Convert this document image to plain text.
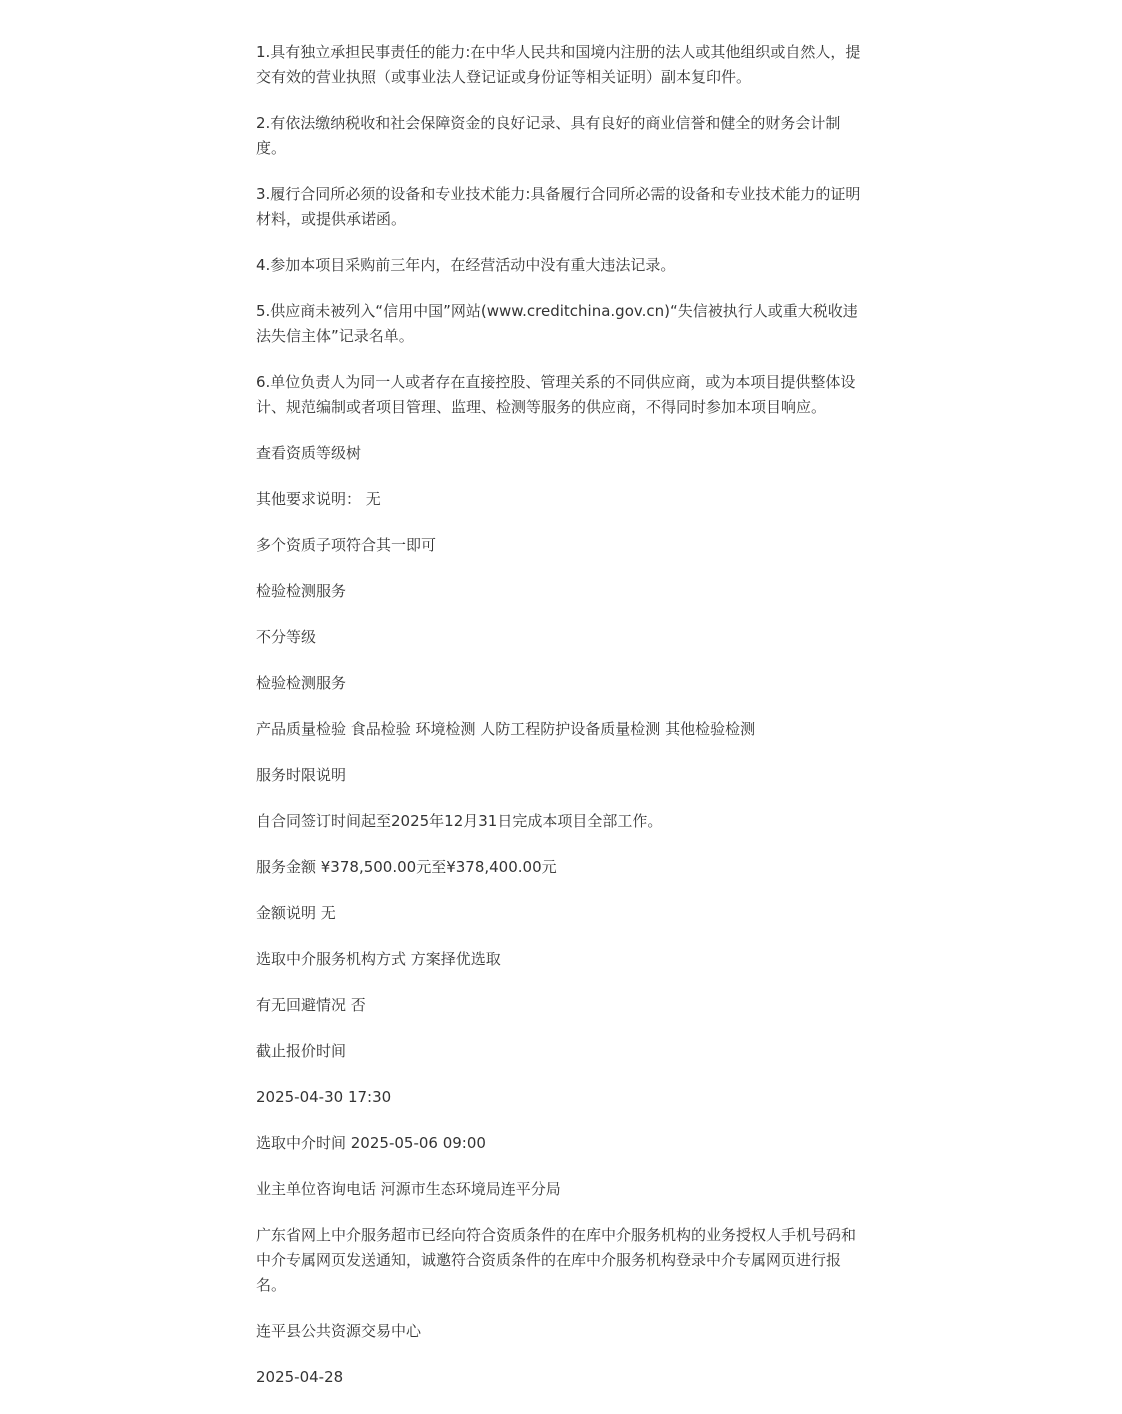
1.具有独立承担民事责任的能力:在中华人民共和国境内注册的法人或其他组织或自然人，提交有效的营业执照（或事业法人登记证或身份证等相关证明）副本复印件。

2.有依法缴纳税收和社会保障资金的良好记录、具有良好的商业信誉和健全的财务会计制度。

3.履行合同所必须的设备和专业技术能力:具备履行合同所必需的设备和专业技术能力的证明材料，或提供承诺函。

4.参加本项目采购前三年内，在经营活动中没有重大违法记录。

5.供应商未被列入“信用中国”网站(www.creditchina.gov.cn)“失信被执行人或重大税收违法失信主体”记录名单。

6.单位负责人为同一人或者存在直接控股、管理关系的不同供应商，或为本项目提供整体设计、规范编制或者项目管理、监理、检测等服务的供应商，不得同时参加本项目响应。

查看资质等级树

其他要求说明： 无

多个资质子项符合其一即可

检验检测服务

不分等级

检验检测服务

产品质量检验 食品检验 环境检测 人防工程防护设备质量检测 其他检验检测

服务时限说明

自合同签订时间起至2025年12月31日完成本项目全部工作。

服务金额 ¥378,500.00元至¥378,400.00元

金额说明 无

选取中介服务机构方式 方案择优选取

有无回避情况 否

截止报价时间

2025-04-30 17:30

选取中介时间 2025-05-06 09:00

业主单位咨询电话 河源市生态环境局连平分局

广东省网上中介服务超市已经向符合资质条件的在库中介服务机构的业务授权人手机号码和中介专属网页发送通知，诚邀符合资质条件的在库中介服务机构登录中介专属网页进行报名。

连平县公共资源交易中心

2025-04-28
